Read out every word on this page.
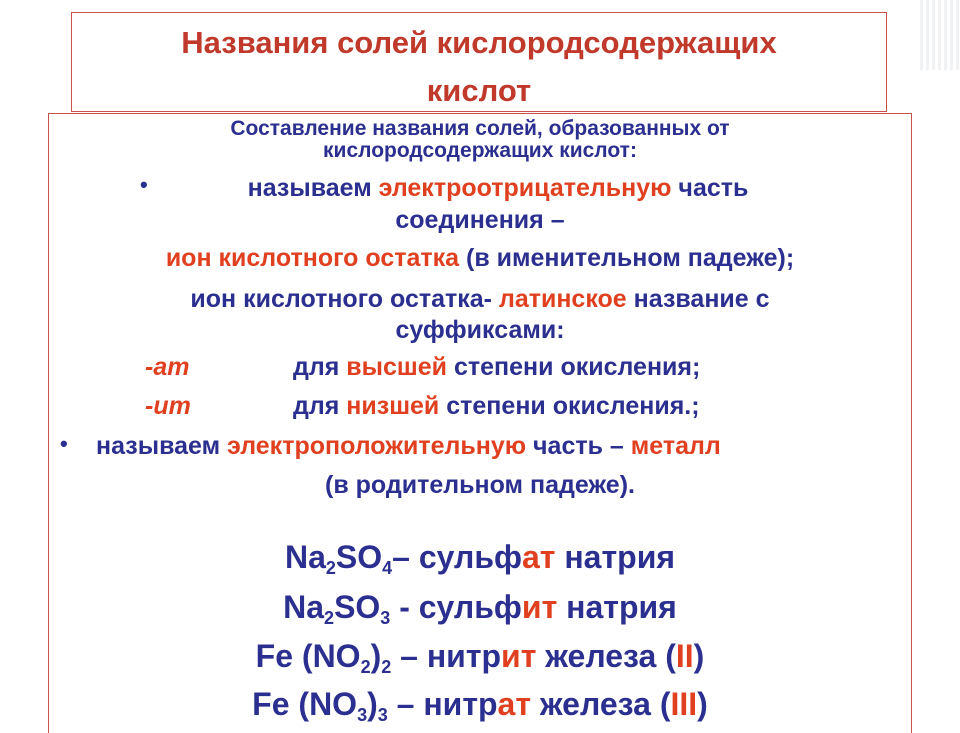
Названия солей кислородсодержащих
кислот
Составление названия солей, образованных от
кислородсодержащих кислот:
•	называем электроотрицательную часть
соединения –
ион кислотного остатка (в именительном падеже);
ион кислотного остатка- латинское название с
суффиксами:
-ат	для высшей степени окисления;
-ит	для низшей степени окисления.;
• называем электроположительную часть – металл
(в родительном падеже).
$Na_2SO_4-$ сульфат натрия
$Na_2SO_3$ - сульфит натрия
Fe $(NO_2)_2$ – нитрит железа (II)
Fe $(NO_3)_3$ – нитрат железа (III)
